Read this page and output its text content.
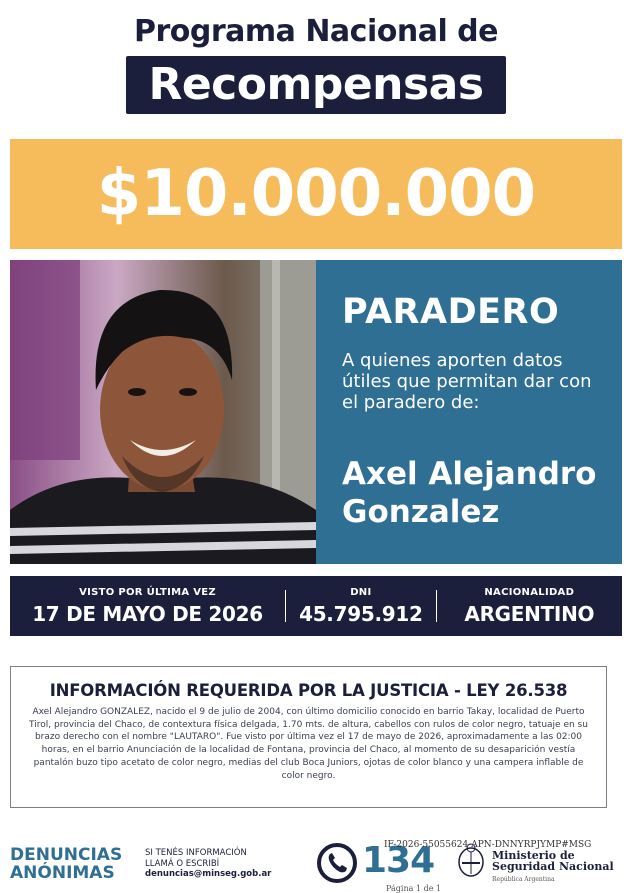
Programa Nacional de
Recompensas
$10.000.000
PARADERO
A quienes aporten datos útiles que permitan dar con el paradero de:
Axel Alejandro Gonzalez
VISTO POR ÚLTIMA VEZ
17 DE MAYO DE 2026
DNI
45.795.912
NACIONALIDAD
ARGENTINO
INFORMACIÓN REQUERIDA POR LA JUSTICIA - LEY 26.538
Axel Alejandro GONZALEZ, nacido el 9 de julio de 2004, con último domicilio conocido en barrio Takay, localidad de Puerto Tirol, provincia del Chaco, de contextura física delgada, 1.70 mts. de altura, cabellos con rulos de color negro, tatuaje en su brazo derecho con el nombre "LAUTARO". Fue visto por última vez el 17 de mayo de 2026, aproximadamente a las 02:00 horas, en el barrio Anunciación de la localidad de Fontana, provincia del Chaco, al momento de su desaparición vestía pantalón buzo tipo acetato de color negro, medias del club Boca Juniors, ojotas de color blanco y una campera inflable de color negro.
DENUNCIAS
ANÓNIMAS
SI TENÉS INFORMACIÓN
LLAMÁ O ESCRIBÍ
denuncias@minseg.gob.ar	134
IF-2026-55055624-APN-DNNYRPJYMP#MSG
Página 1 de 1
Ministerio de
Seguridad Nacional
República Argentina
